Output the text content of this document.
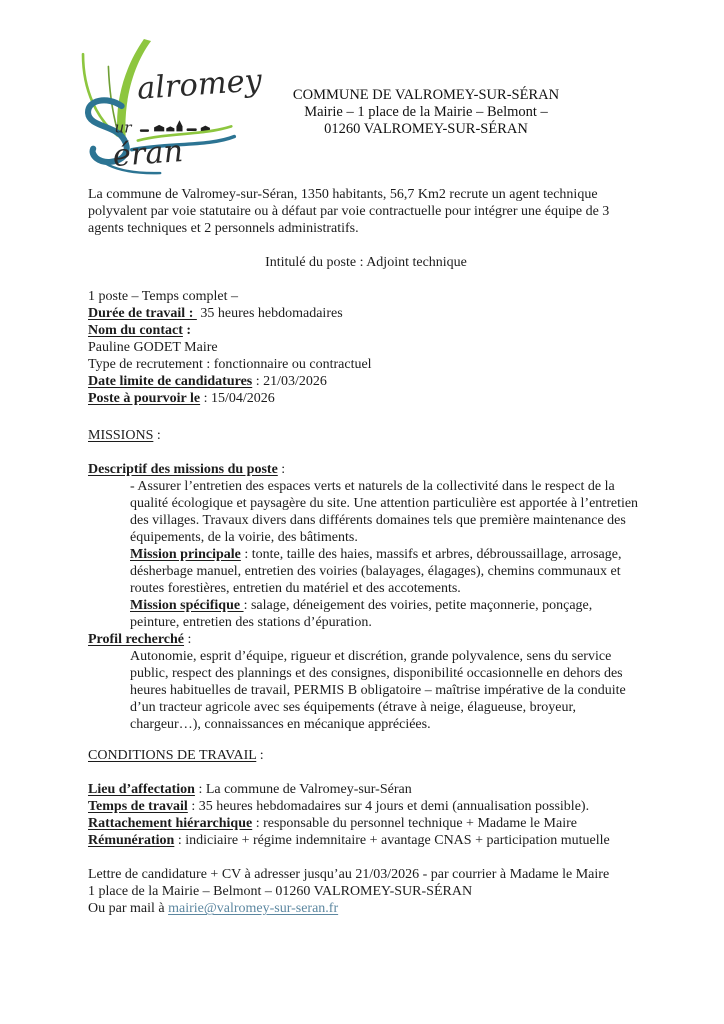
alromey
ur
éran
COMMUNE DE VALROMEY-SUR-SÉRAN
Mairie – 1 place de la Mairie – Belmont –
01260 VALROMEY-SUR-SÉRAN

La commune de Valromey-sur-Séran, 1350 habitants, 56,7 Km2 recrute un agent technique polyvalent par voie statutaire ou à défaut par voie contractuelle pour intégrer une équipe de 3 agents techniques et 2 personnels administratifs.

Intitulé du poste : Adjoint technique

1 poste – Temps complet –

Durée de travail :  35 heures hebdomadaires

Nom du contact :

Pauline GODET Maire

Type de recrutement : fonctionnaire ou contractuel

Date limite de candidatures : 21/03/2026

Poste à pourvoir le : 15/04/2026

MISSIONS :

Descriptif des missions du poste :

- Assurer l’entretien des espaces verts et naturels de la collectivité dans le respect de la qualité écologique et paysagère du site. Une attention particulière est apportée à l’entretien des villages. Travaux divers dans différents domaines tels que première maintenance des équipements, de la voirie, des bâtiments.

Mission principale : tonte, taille des haies, massifs et arbres, débroussaillage, arrosage, désherbage manuel, entretien des voiries (balayages, élagages), chemins communaux et routes forestières, entretien du matériel et des accotements.

Mission spécifique : salage, déneigement des voiries, petite maçonnerie, ponçage, peinture, entretien des stations d’épuration.

Profil recherché :

Autonomie, esprit d’équipe, rigueur et discrétion, grande polyvalence, sens du service public, respect des plannings et des consignes, disponibilité occasionnelle en dehors des heures habituelles de travail, PERMIS B obligatoire – maîtrise impérative de la conduite d’un tracteur agricole avec ses équipements (étrave à neige, élagueuse, broyeur, chargeur…), connaissances en mécanique appréciées.

CONDITIONS DE TRAVAIL :

Lieu d’affectation : La commune de Valromey-sur-Séran

Temps de travail : 35 heures hebdomadaires sur 4 jours et demi (annualisation possible).

Rattachement hiérarchique : responsable du personnel technique + Madame le Maire

Rémunération : indiciaire + régime indemnitaire + avantage CNAS + participation mutuelle

Lettre de candidature + CV à adresser jusqu’au 21/03/2026 - par courrier à Madame le Maire

1 place de la Mairie – Belmont – 01260 VALROMEY-SUR-SÉRAN

Ou par mail à mairie@valromey-sur-seran.fr
